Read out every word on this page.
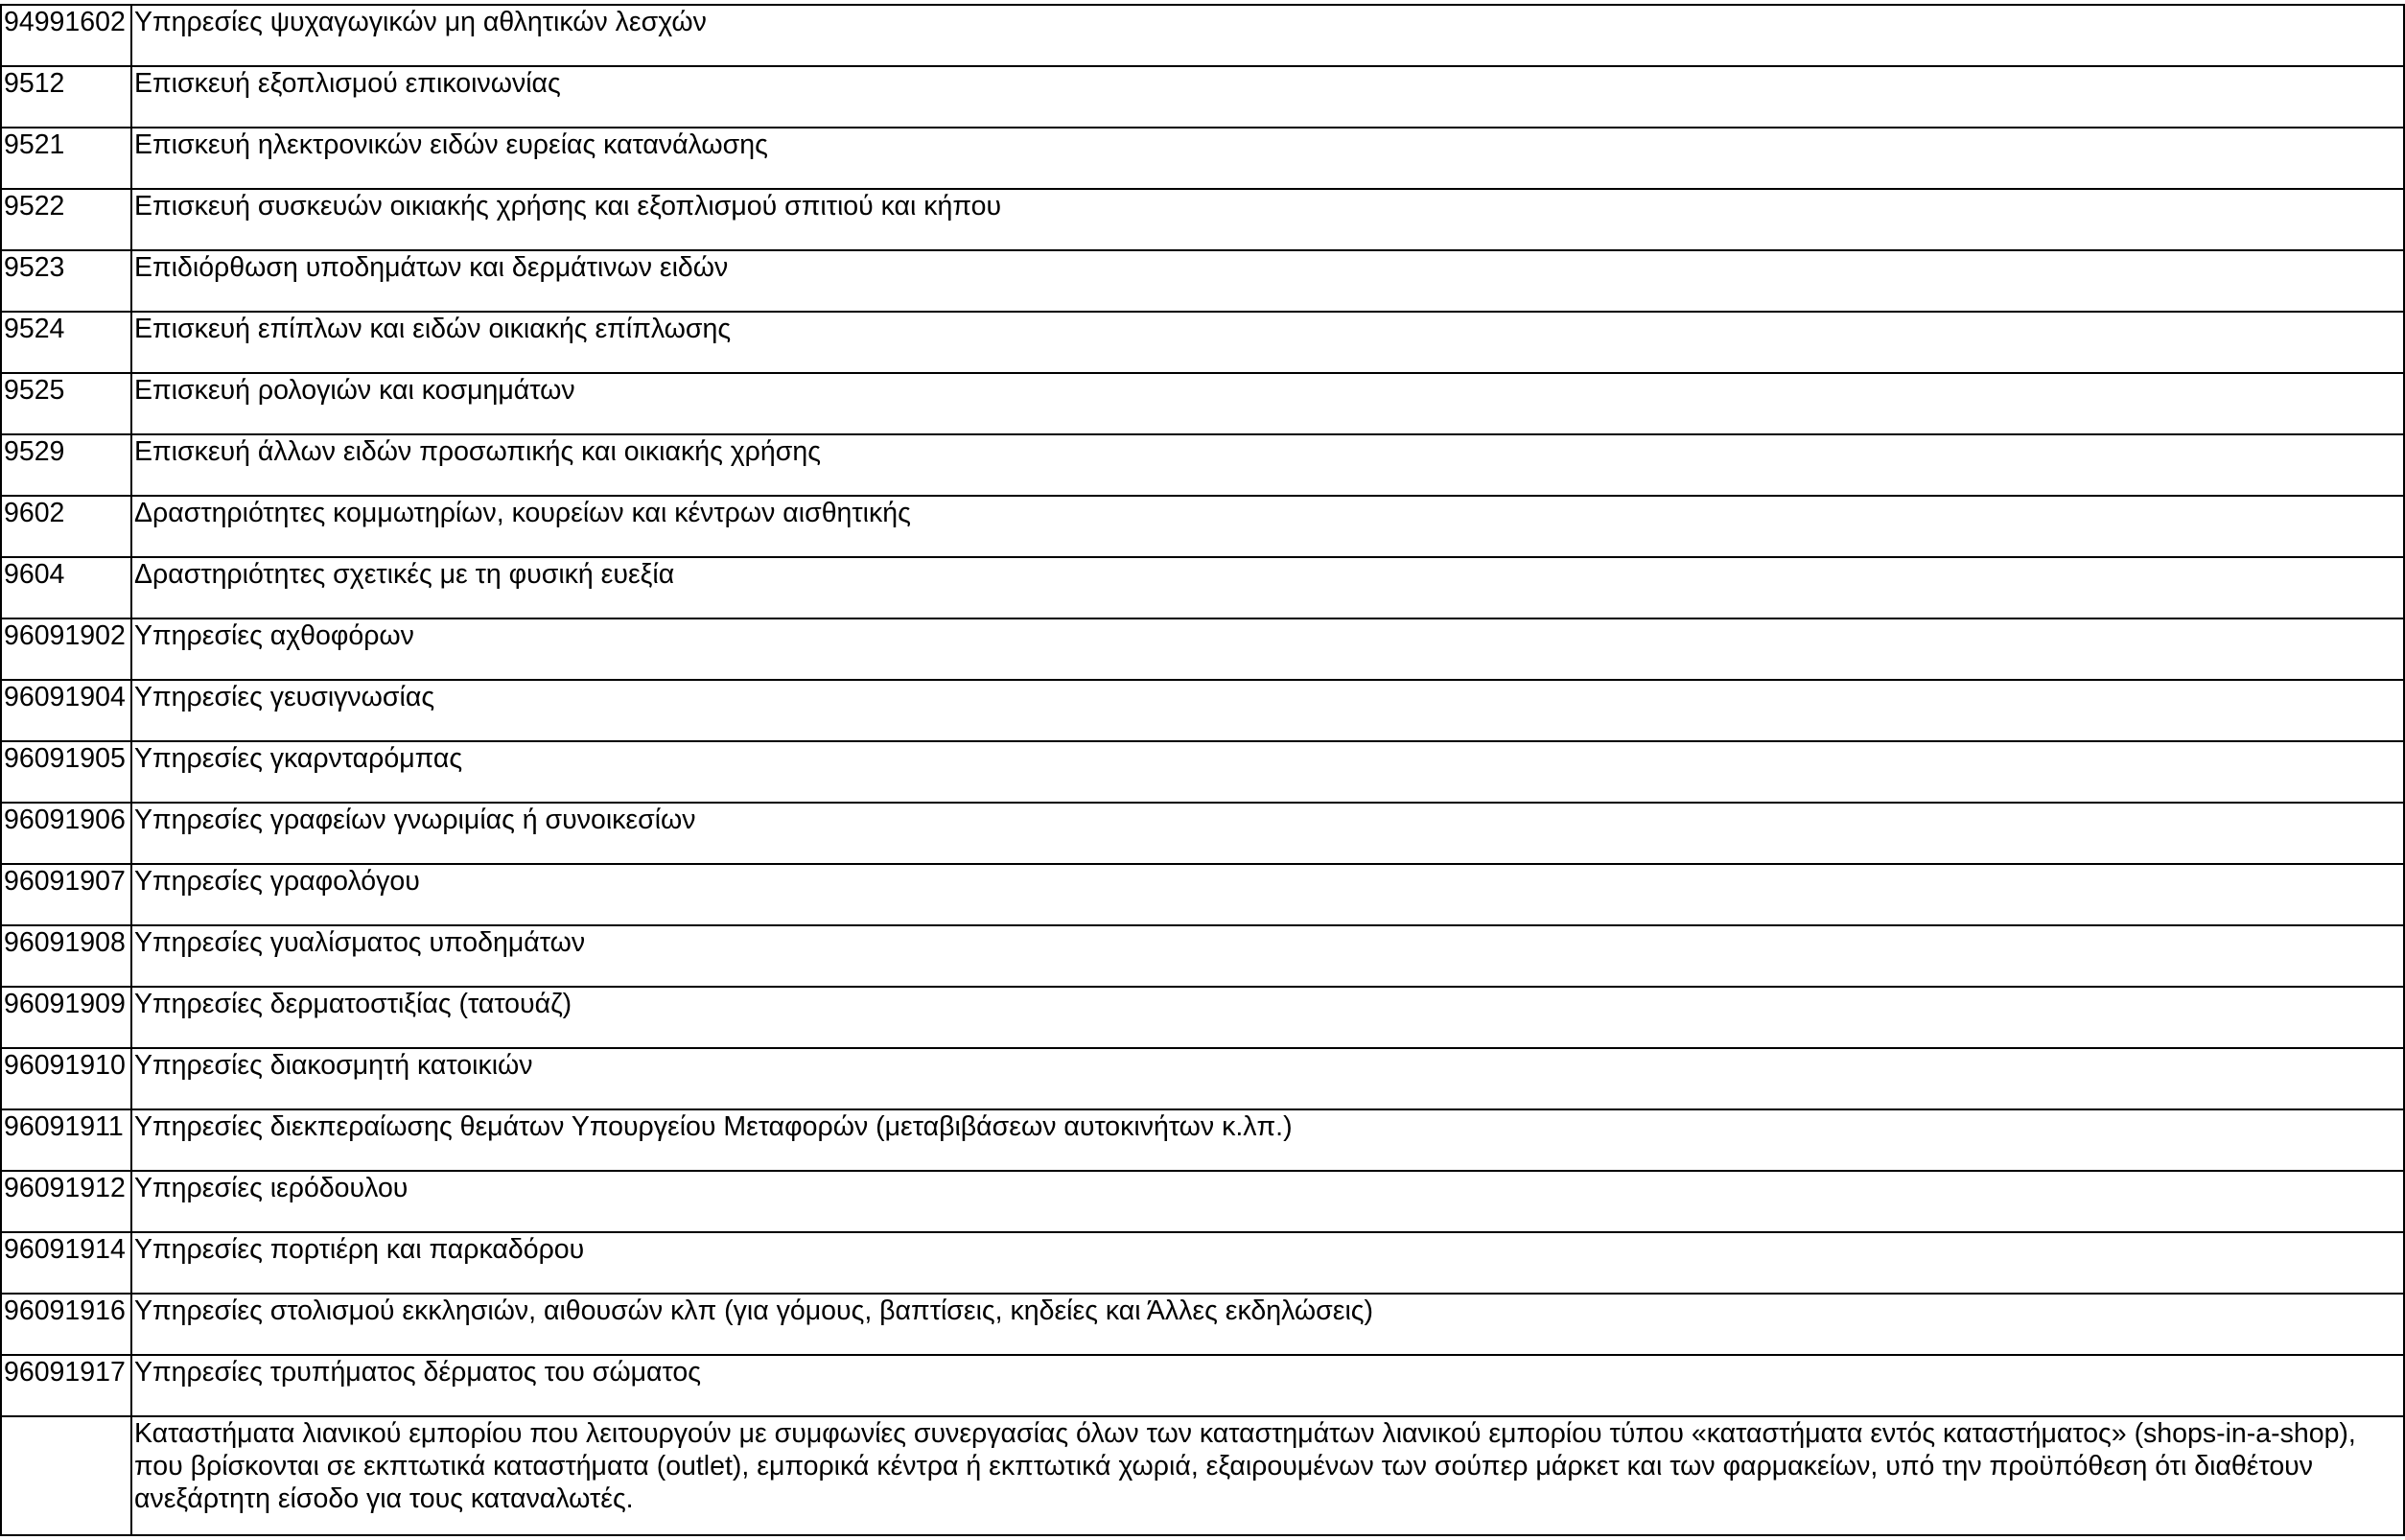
94991602	Υπηρεσίες ψυχαγωγικών μη αθλητικών λεσχών
9512	Επισκευή εξοπλισμού επικοινωνίας
9521	Επισκευή ηλεκτρονικών ειδών ευρείας κατανάλωσης
9522	Επισκευή συσκευών οικιακής χρήσης και εξοπλισμού σπιτιού και κήπου
9523	Επιδιόρθωση υποδημάτων και δερμάτινων ειδών
9524	Επισκευή επίπλων και ειδών οικιακής επίπλωσης
9525	Επισκευή ρολογιών και κοσμημάτων
9529	Επισκευή άλλων ειδών προσωπικής και οικιακής χρήσης
9602	Δραστηριότητες κομμωτηρίων, κουρείων και κέντρων αισθητικής
9604	Δραστηριότητες σχετικές με τη φυσική ευεξία
96091902	Υπηρεσίες αχθοφόρων
96091904	Υπηρεσίες γευσιγνωσίας
96091905	Υπηρεσίες γκαρνταρόμπας
96091906	Υπηρεσίες γραφείων γνωριμίας ή συνοικεσίων
96091907	Υπηρεσίες γραφολόγου
96091908	Υπηρεσίες γυαλίσματος υποδημάτων
96091909	Υπηρεσίες δερματοστιξίας (τατουάζ)
96091910	Υπηρεσίες διακοσμητή κατοικιών
96091911	Υπηρεσίες διεκπεραίωσης θεμάτων Υπουργείου Μεταφορών (μεταβιβάσεων αυτοκινήτων κ.λπ.)
96091912	Υπηρεσίες ιερόδουλου
96091914	Υπηρεσίες πορτιέρη και παρκαδόρου
96091916	Υπηρεσίες στολισμού εκκλησιών, αιθουσών κλπ (για γόμους, βαπτίσεις, κηδείες και Άλλες εκδηλώσεις)
96091917	Υπηρεσίες τρυπήματος δέρματος του σώματος
	Καταστήματα λιανικού εμπορίου που λειτουργούν με συμφωνίες συνεργασίας όλων των καταστημάτων λιανικού εμπορίου τύπου «καταστήματα εντός καταστήματος» (shops-in-a-shop), που βρίσκονται σε εκπτωτικά καταστήματα (outlet), εμπορικά κέντρα ή εκπτωτικά χωριά, εξαιρουμένων των σούπερ μάρκετ και των φαρμακείων, υπό την προϋπόθεση ότι διαθέτουν ανεξάρτητη είσοδο για τους καταναλωτές.
